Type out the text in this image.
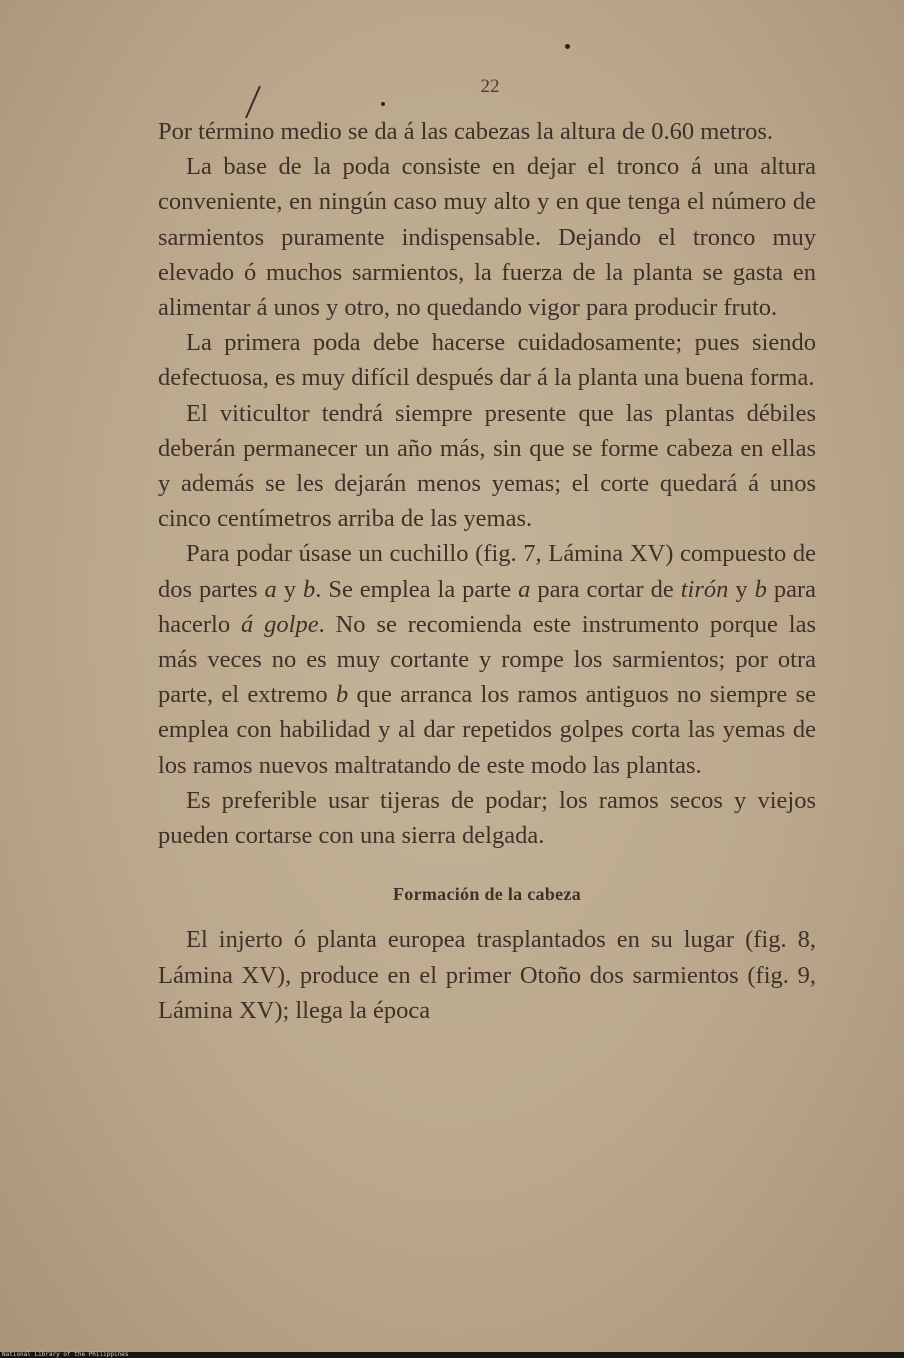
22

Por término medio se da á las cabezas la altura de 0.60 metros.

La base de la poda consiste en dejar el tronco á una altura conveniente, en ningún caso muy alto y en que tenga el número de sarmientos puramente indispensable. Dejando el tronco muy elevado ó muchos sarmientos, la fuerza de la planta se gasta en alimentar á unos y otro, no quedando vigor para producir fruto.

La primera poda debe hacerse cuidadosamente; pues siendo defectuosa, es muy difícil después dar á la planta una buena forma.

El viticultor tendrá siempre presente que las plantas débiles deberán permanecer un año más, sin que se forme cabeza en ellas y además se les dejarán menos yemas; el corte quedará á unos cinco centímetros arriba de las yemas.

Para podar úsase un cuchillo (fig. 7, Lámina XV) compuesto de dos partes a y b. Se emplea la parte a para cortar de tirón y b para hacerlo á golpe. No se recomienda este instrumento porque las más veces no es muy cortante y rompe los sarmientos; por otra parte, el extremo b que arranca los ramos antiguos no siempre se emplea con habilidad y al dar repetidos golpes corta las yemas de los ramos nuevos maltratando de este modo las plantas.

Es preferible usar tijeras de podar; los ramos secos y viejos pueden cortarse con una sierra delgada.

Formación de la cabeza

El injerto ó planta europea trasplantados en su lugar (fig. 8, Lámina XV), produce en el primer Otoño dos sarmientos (fig. 9, Lámina XV); llega la época

National Library of the Philippines
